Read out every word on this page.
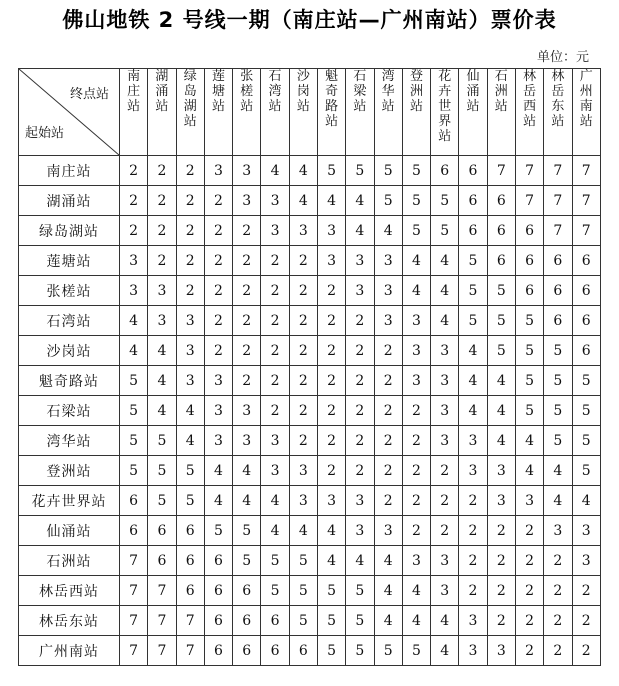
佛山地铁 2 号线一期（南庄站—广州南站）票价表
单位：元
终点站
起始站	南庄站	湖涌站	绿岛湖站	莲塘站	张槎站	石湾站	沙岗站	魁奇路站	石梁站	湾华站	登洲站	花卉世界站	仙涌站	石洲站	林岳西站	林岳东站	广州南站

南庄站	2	2	2	3	3	4	4	5	5	5	5	6	6	7	7	7	7
湖涌站	2	2	2	2	3	3	4	4	4	5	5	5	6	6	7	7	7
绿岛湖站	2	2	2	2	2	3	3	3	4	4	5	5	6	6	6	7	7
莲塘站	3	2	2	2	2	2	2	3	3	3	4	4	5	6	6	6	6
张槎站	3	3	2	2	2	2	2	2	3	3	4	4	5	5	6	6	6
石湾站	4	3	3	2	2	2	2	2	2	3	3	4	5	5	5	6	6
沙岗站	4	4	3	2	2	2	2	2	2	2	3	3	4	5	5	5	6
魁奇路站	5	4	3	3	2	2	2	2	2	2	3	3	4	4	5	5	5
石梁站	5	4	4	3	3	2	2	2	2	2	2	3	4	4	5	5	5
湾华站	5	5	4	3	3	3	2	2	2	2	2	3	3	4	4	5	5
登洲站	5	5	5	4	4	3	3	2	2	2	2	2	3	3	4	4	5
花卉世界站	6	5	5	4	4	4	3	3	3	2	2	2	2	3	3	4	4
仙涌站	6	6	6	5	5	4	4	4	3	3	2	2	2	2	2	3	3
石洲站	7	6	6	6	5	5	5	4	4	4	3	3	2	2	2	2	3
林岳西站	7	7	6	6	6	5	5	5	5	4	4	3	2	2	2	2	2
林岳东站	7	7	7	6	6	6	5	5	5	4	4	4	3	2	2	2	2
广州南站	7	7	7	6	6	6	6	5	5	5	5	4	3	3	2	2	2
